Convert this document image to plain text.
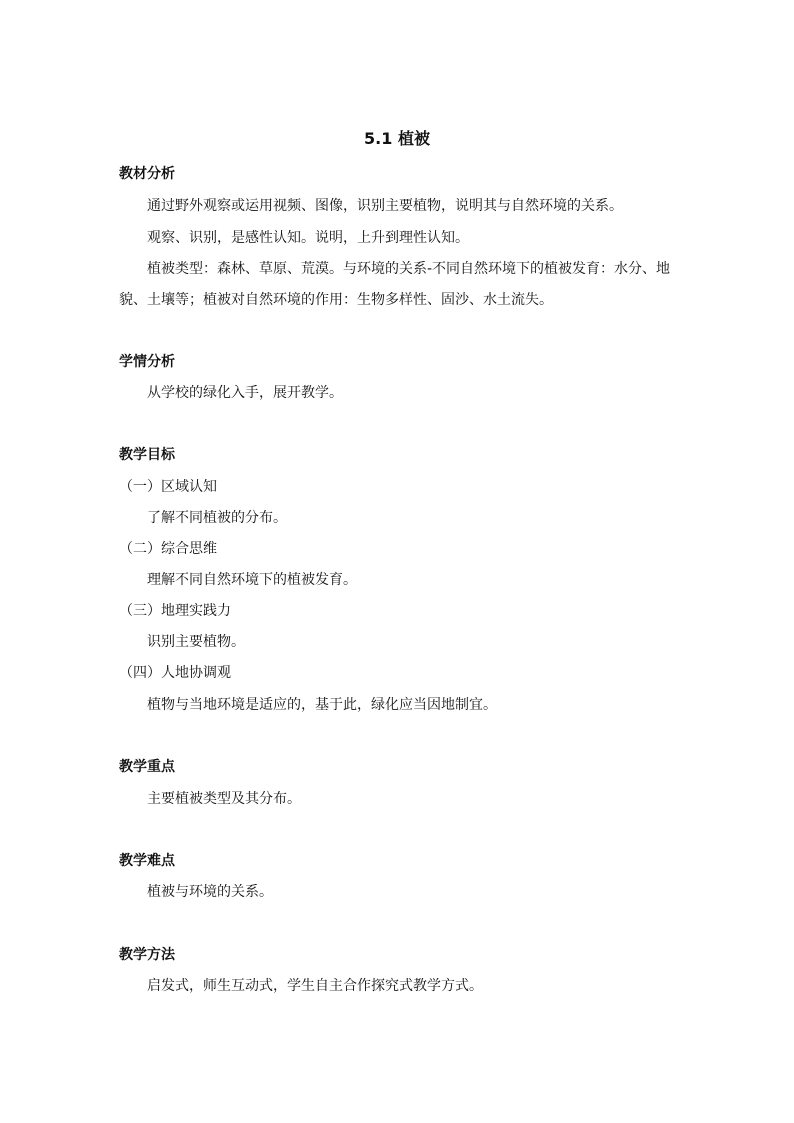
5.1 植被
教材分析
通过野外观察或运用视频、图像，识别主要植物，说明其与自然环境的关系。
观察、识别，是感性认知。说明，上升到理性认知。
植被类型：森林、草原、荒漠。与环境的关系-不同自然环境下的植被发育：水分、地
貌、土壤等；植被对自然环境的作用：生物多样性、固沙、水土流失。
学情分析
从学校的绿化入手，展开教学。
教学目标
（一）区域认知
了解不同植被的分布。
（二）综合思维
理解不同自然环境下的植被发育。
（三）地理实践力
识别主要植物。
（四）人地协调观
植物与当地环境是适应的，基于此，绿化应当因地制宜。
教学重点
主要植被类型及其分布。
教学难点
植被与环境的关系。
教学方法
启发式，师生互动式，学生自主合作探究式教学方式。
